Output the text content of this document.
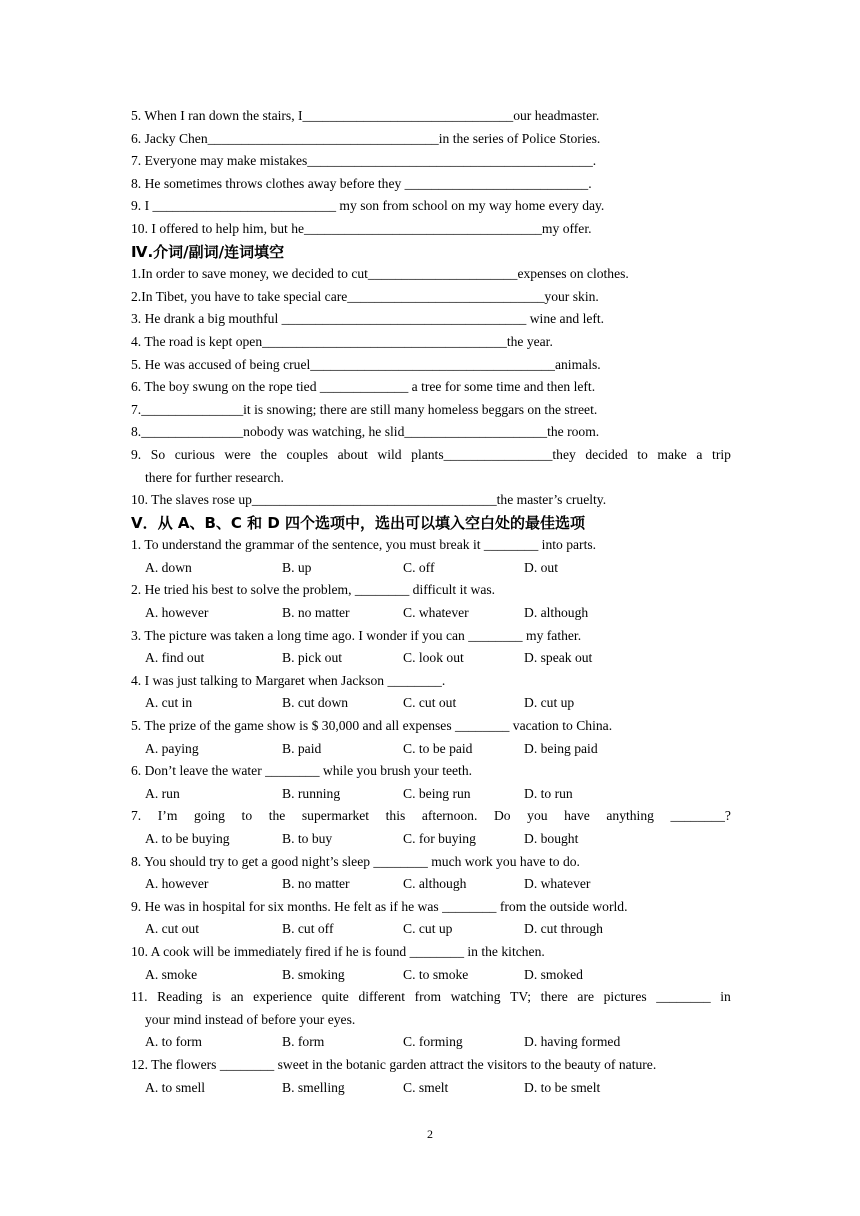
5. When I ran down the stairs, I_______________________________our headmaster.
6. Jacky Chen__________________________________in the series of Police Stories.
7. Everyone may make mistakes__________________________________________.
8. He sometimes throws clothes away before they ___________________________.
9. I ___________________________ my son from school on my way home every day.
10. I offered to help him, but he___________________________________my offer.
Ⅳ.介词/副词/连词填空
1.In order to save money, we decided to cut______________________expenses on clothes.
2.In Tibet, you have to take special care_____________________________your skin.
3. He drank a big mouthful ____________________________________ wine and left.
4. The road is kept open____________________________________the year.
5. He was accused of being cruel____________________________________animals.
6. The boy swung on the rope tied _____________ a tree for some time and then left.
7._______________it is snowing; there are still many homeless beggars on the street.
8._______________nobody was watching, he slid_____________________the room.
9. So curious were the couples about wild plants________________they decided to make a trip
there for further research.
10. The slaves rose up____________________________________the master’s cruelty.
Ⅴ．从 A、B、C 和 D 四个选项中，选出可以填入空白处的最佳选项
1. To understand the grammar of the sentence, you must break it ________ into parts.
A. down	B. up	C. off	D. out
2. He tried his best to solve the problem, ________ difficult it was.
A. however	B. no matter	C. whatever	D. although
3. The picture was taken a long time ago. I wonder if you can ________ my father.
A. find out	B. pick out	C. look out	D. speak out
4. I was just talking to Margaret when Jackson ________.
A. cut in	B. cut down	C. cut out	D. cut up
5. The prize of the game show is $ 30,000 and all expenses ________ vacation to China.
A. paying	B. paid	C. to be paid	D. being paid
6. Don’t leave the water ________ while you brush your teeth.
A. run	B. running	C. being run	D. to run
7. I’m going to the supermarket this afternoon. Do you have anything ________?
A. to be buying	B. to buy	C. for buying	D. bought
8. You should try to get a good night’s sleep ________ much work you have to do.
A. however	B. no matter	C. although	D. whatever
9. He was in hospital for six months. He felt as if he was ________ from the outside world.
A. cut out	B. cut off	C. cut up	D. cut through
10. A cook will be immediately fired if he is found ________ in the kitchen.
A. smoke	B. smoking	C. to smoke	D. smoked
11. Reading is an experience quite different from watching TV; there are pictures ________ in
your mind instead of before your eyes.
A. to form	B. form	C. forming	D. having formed
12. The flowers ________ sweet in the botanic garden attract the visitors to the beauty of nature.
A. to smell	B. smelling	C. smelt	D. to be smelt
2
